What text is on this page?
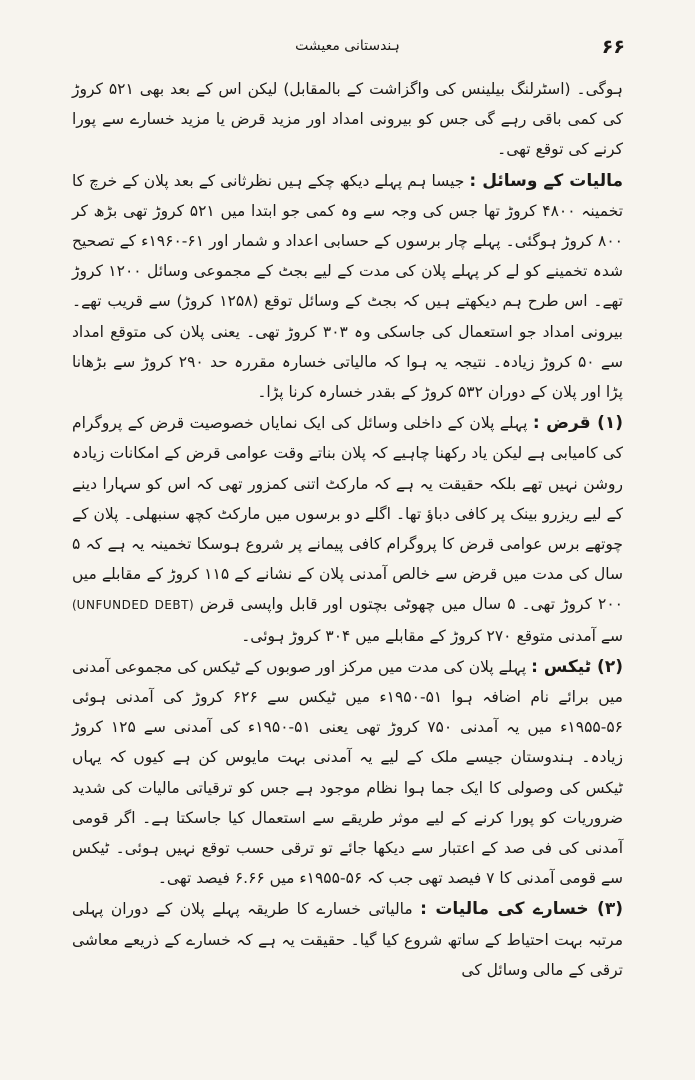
ہندستانی معیشت	۶۶

ہوگی۔ (اسٹرلنگ بیلینس کی واگزاشت کے بالمقابل) لیکن اس کے بعد بھی ۵۲۱ کروڑ کی کمی باقی رہے گی جس کو بیرونی امداد اور مزید قرض یا مزید خسارے سے پورا کرنے کی توقع تھی۔

مالیات کے وسائل : جیسا ہم پہلے دیکھ چکے ہیں نظرثانی کے بعد پلان کے خرچ کا تخمینہ ۴۸۰۰ کروڑ تھا جس کی وجہ سے وہ کمی جو ابتدا میں ۵۲۱ کروڑ تھی بڑھ کر ۸۰۰ کروڑ ہوگئی۔ پہلے چار برسوں کے حسابی اعداد و شمار اور ۶۱-۱۹۶۰ء کے تصحیح شدہ تخمینے کو لے کر پہلے پلان کی مدت کے لیے بجٹ کے مجموعی وسائل ۱۲۰۰ کروڑ تھے۔ اس طرح ہم دیکھتے ہیں کہ بجٹ کے وسائل توقع (۱۲۵۸ کروڑ) سے قریب تھے۔ بیرونی امداد جو استعمال کی جاسکی وہ ۳۰۳ کروڑ تھی۔ یعنی پلان کی متوقع امداد سے ۵۰ کروڑ زیادہ۔ نتیجہ یہ ہوا کہ مالیاتی خسارہ مقررہ حد ۲۹۰ کروڑ سے بڑھانا پڑا اور پلان کے دوران ۵۳۲ کروڑ کے بقدر خسارہ کرنا پڑا۔

(۱) قرض : پہلے پلان کے داخلی وسائل کی ایک نمایاں خصوصیت قرض کے پروگرام کی کامیابی ہے لیکن یاد رکھنا چاہیے کہ پلان بناتے وقت عوامی قرض کے امکانات زیادہ روشن نہیں تھے بلکہ حقیقت یہ ہے کہ مارکٹ اتنی کمزور تھی کہ اس کو سہارا دینے کے لیے ریزرو بینک پر کافی دباؤ تھا۔ اگلے دو برسوں میں مارکٹ کچھ سنبھلی۔ پلان کے چوتھے برس عوامی قرض کا پروگرام کافی پیمانے پر شروع ہوسکا تخمینہ یہ ہے کہ ۵ سال کی مدت میں قرض سے خالص آمدنی پلان کے نشانے کے ۱۱۵ کروڑ کے مقابلے میں ۲۰۰ کروڑ تھی۔ ۵ سال میں چھوٹی بچتوں اور قابل واپسی قرض (UNFUNDED DEBT) سے آمدنی متوقع ۲۷۰ کروڑ کے مقابلے میں ۳۰۴ کروڑ ہوئی۔

(۲) ٹیکس : پہلے پلان کی مدت میں مرکز اور صوبوں کے ٹیکس کی مجموعی آمدنی میں برائے نام اضافہ ہوا ۵۱-۱۹۵۰ء میں ٹیکس سے ۶۲۶ کروڑ کی آمدنی ہوئی ۵۶-۱۹۵۵ء میں یہ آمدنی ۷۵۰ کروڑ تھی یعنی ۵۱-۱۹۵۰ء کی آمدنی سے ۱۲۵ کروڑ زیادہ۔ ہندوستان جیسے ملک کے لیے یہ آمدنی بہت مایوس کن ہے کیوں کہ یہاں ٹیکس کی وصولی کا ایک جما ہوا نظام موجود ہے جس کو ترقیاتی مالیات کی شدید ضروریات کو پورا کرنے کے لیے موثر طریقے سے استعمال کیا جاسکتا ہے۔ اگر قومی آمدنی کی فی صد کے اعتبار سے دیکھا جائے تو ترقی حسب توقع نہیں ہوئی۔ ٹیکس سے قومی آمدنی کا ۷ فیصد تھی جب کہ ۵۶-۱۹۵۵ء میں ۶.۶۶ فیصد تھی۔

(۳) خسارے کی مالیات : مالیاتی خسارے کا طریقہ پہلے پلان کے دوران پہلی مرتبہ بہت احتیاط کے ساتھ شروع کیا گیا۔ حقیقت یہ ہے کہ خسارے کے ذریعے معاشی ترقی کے مالی وسائل کی
